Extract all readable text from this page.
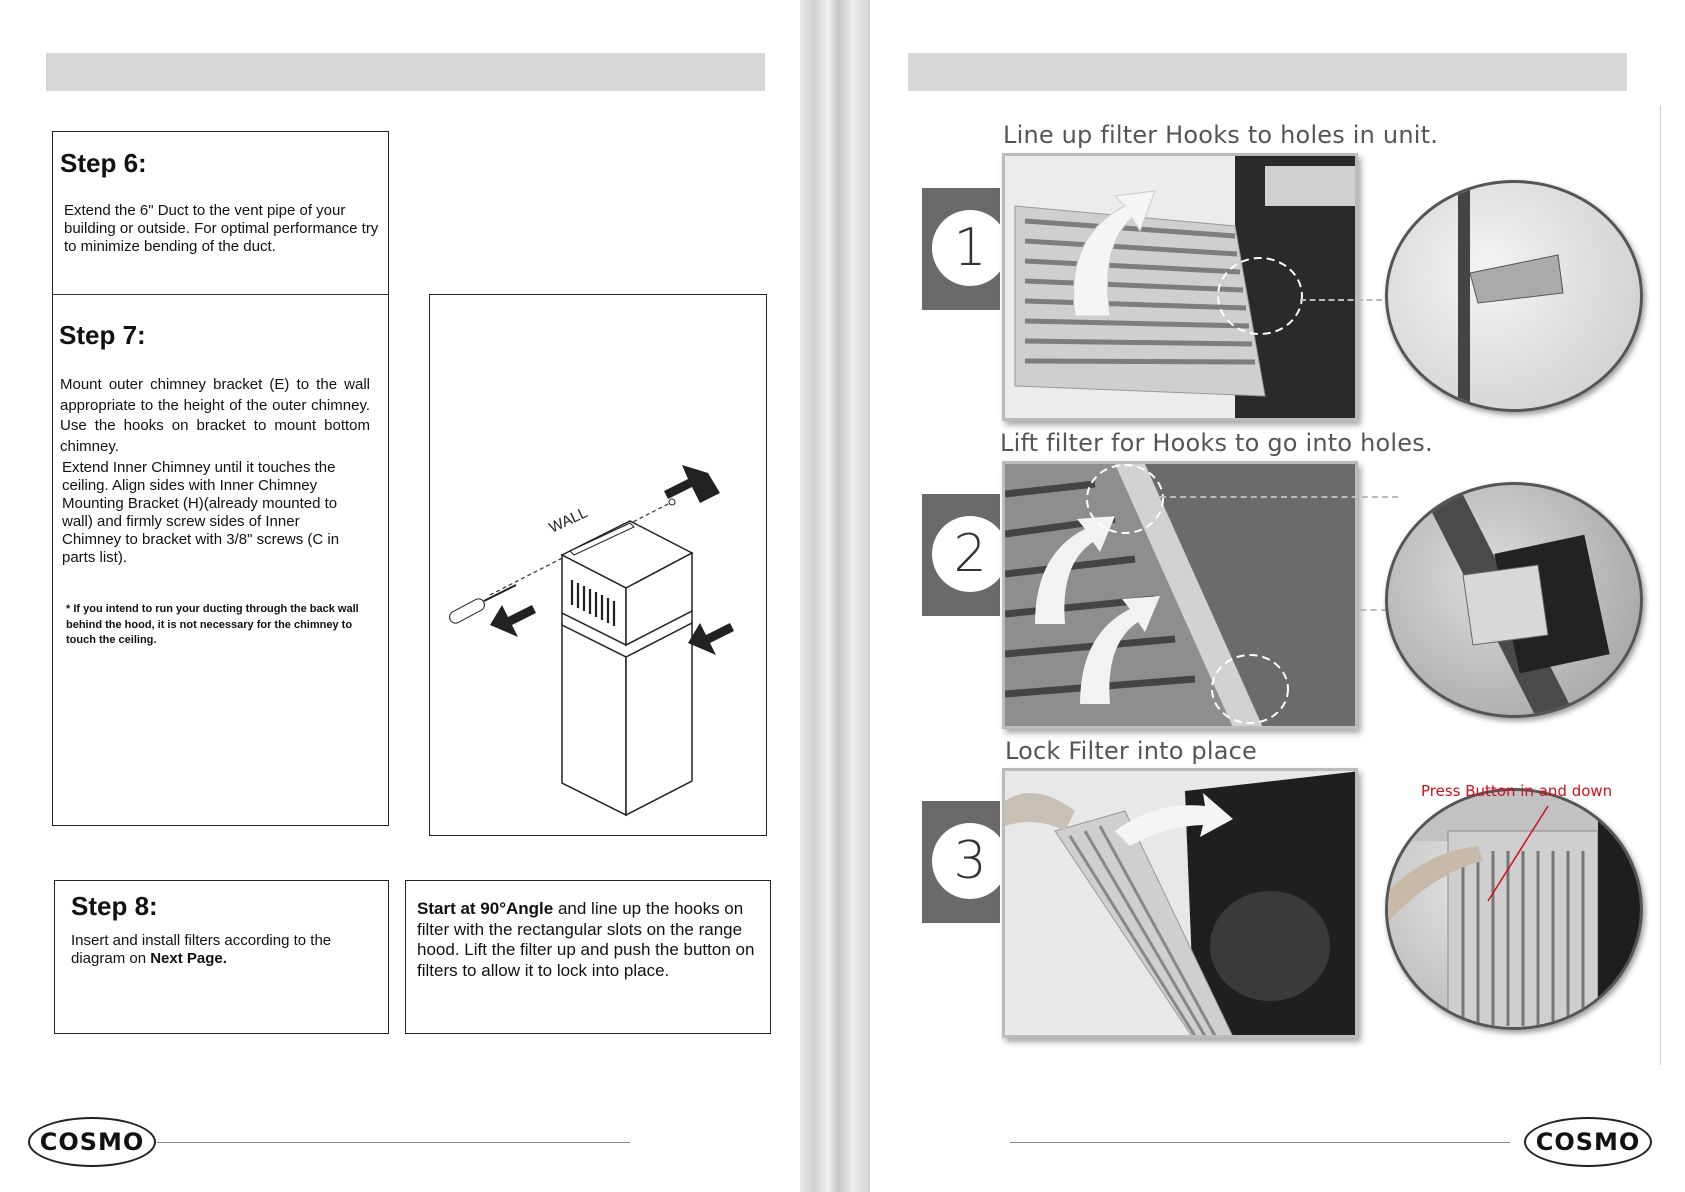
Step 6:
Extend the 6" Duct to the vent pipe of your building or outside. For optimal performance try to minimize bending of the duct.
Step 7:
Mount outer chimney bracket (E) to the wall appropriate to the height of the outer chimney. Use the hooks on bracket to mount bottom chimney.
Extend Inner Chimney until it touches the ceiling. Align sides with Inner Chimney Mounting Bracket (H)(already mounted to wall) and firmly screw sides of Inner Chimney to bracket with 3/8" screws (C in parts list).
* If you intend to run your ducting through the back wall behind the hood, it is not necessary for the chimney to touch the ceiling.
WALL
Step 8:
Insert and install filters according to the diagram on Next Page.
Start at 90°Angle and line up the hooks on filter with the rectangular slots on the range hood. Lift the filter up and push the button on filters to allow it to lock into place.
COSMO
Line up filter Hooks to holes in unit.
1
Lift filter for Hooks to go into holes.
2
Lock Filter into place
3
Press Button in and down
COSMO
